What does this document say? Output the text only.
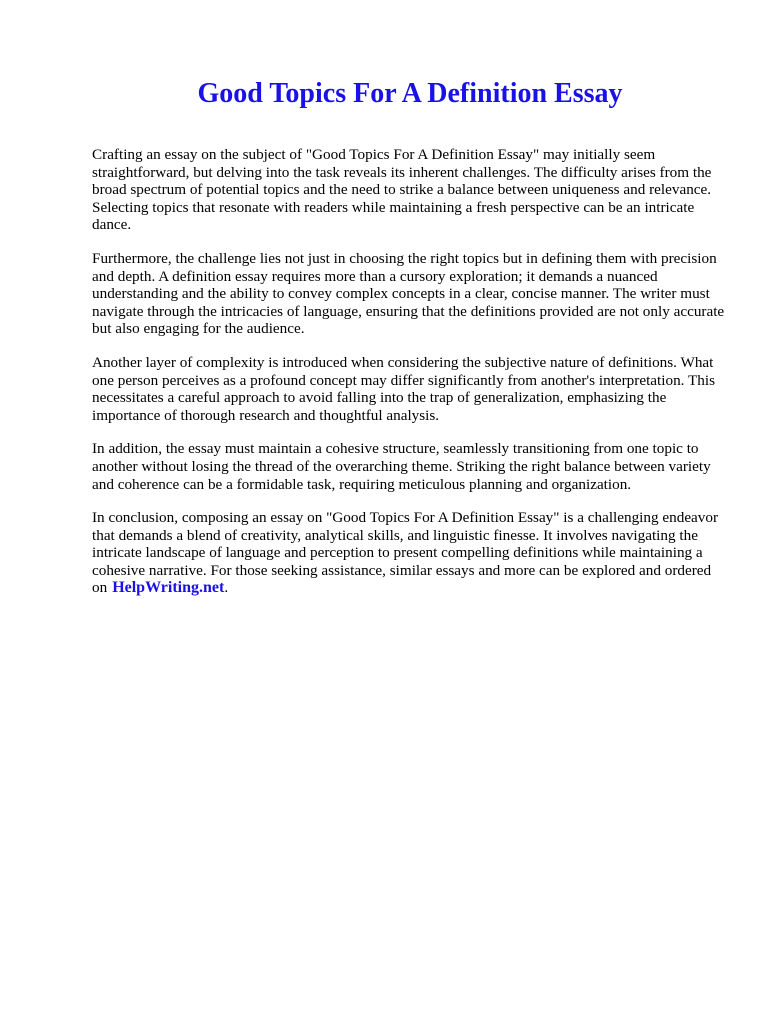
Good Topics For A Definition Essay

Crafting an essay on the subject of "Good Topics For A Definition Essay" may initially seem straightforward, but delving into the task reveals its inherent challenges. The difficulty arises from the broad spectrum of potential topics and the need to strike a balance between uniqueness and relevance. Selecting topics that resonate with readers while maintaining a fresh perspective can be an intricate dance.

Furthermore, the challenge lies not just in choosing the right topics but in defining them with precision and depth. A definition essay requires more than a cursory exploration; it demands a nuanced understanding and the ability to convey complex concepts in a clear, concise manner. The writer must navigate through the intricacies of language, ensuring that the definitions provided are not only accurate but also engaging for the audience.

Another layer of complexity is introduced when considering the subjective nature of definitions. What one person perceives as a profound concept may differ significantly from another's interpretation. This necessitates a careful approach to avoid falling into the trap of generalization, emphasizing the importance of thorough research and thoughtful analysis.

In addition, the essay must maintain a cohesive structure, seamlessly transitioning from one topic to another without losing the thread of the overarching theme. Striking the right balance between variety and coherence can be a formidable task, requiring meticulous planning and organization.

In conclusion, composing an essay on "Good Topics For A Definition Essay" is a challenging endeavor that demands a blend of creativity, analytical skills, and linguistic finesse. It involves navigating the intricate landscape of language and perception to present compelling definitions while maintaining a cohesive narrative. For those seeking assistance, similar essays and more can be explored and ordered on HelpWriting.net.
